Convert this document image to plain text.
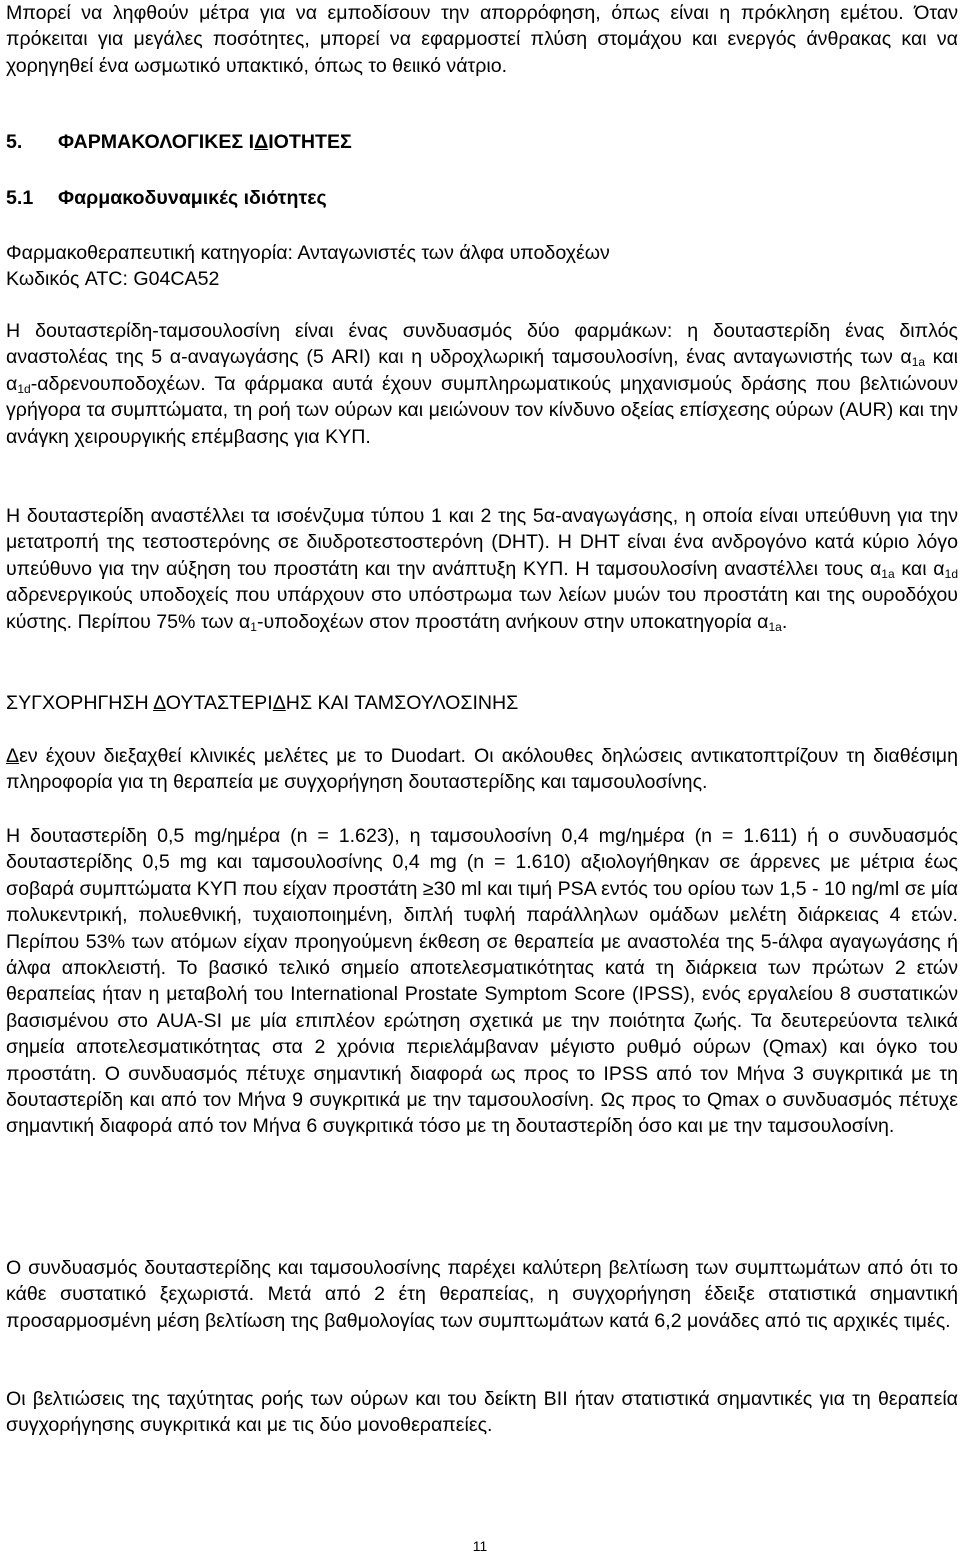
Μπορεί να ληφθούν μέτρα για να εμποδίσουν την απορρόφηση, όπως είναι η πρόκληση εμέτου. Όταν πρόκειται για μεγάλες ποσότητες, μπορεί να εφαρμοστεί πλύση στομάχου και ενεργός άνθρακας και να χορηγηθεί ένα ωσμωτικό υπακτικό, όπως το θειικό νάτριο.

5. ΦΑΡΜΑΚΟΛΟΓΙΚΕΣ ΙΔΙΟΤΗΤΕΣ
5.1 Φαρμακοδυναμικές ιδιότητες

Φαρμακοθεραπευτική κατηγορία: Ανταγωνιστές των άλφα υποδοχέων

Κωδικός ATC: G04CA52

Η δουταστερίδη-ταμσουλοσίνη είναι ένας συνδυασμός δύο φαρμάκων: η δουταστερίδη ένας διπλός αναστολέας της 5 α-αναγωγάσης (5 ARI) και η υδροχλωρική ταμσουλοσίνη, ένας ανταγωνιστής των $\alpha_{1a}$ και $\alpha_{1d}$-αδρενουποδοχέων. Τα φάρμακα αυτά έχουν συμπληρωματικούς μηχανισμούς δράσης που βελτιώνουν γρήγορα τα συμπτώματα, τη ροή των ούρων και μειώνουν τον κίνδυνο οξείας επίσχεσης ούρων (AUR) και την ανάγκη χειρουργικής επέμβασης για ΚΥΠ.

Η δουταστερίδη αναστέλλει τα ισοένζυμα τύπου 1 και 2 της 5α-αναγωγάσης, η οποία είναι υπεύθυνη για την μετατροπή της τεστοστερόνης σε διυδροτεστοστερόνη (DHT). Η DHT είναι ένα ανδρογόνο κατά κύριο λόγο υπεύθυνο για την αύξηση του προστάτη και την ανάπτυξη ΚΥΠ. Η ταμσουλοσίνη αναστέλλει τους $\alpha_{1a}$ και $\alpha_{1d}$ αδρενεργικούς υποδοχείς που υπάρχουν στο υπόστρωμα των λείων μυών του προστάτη και της ουροδόχου κύστης. Περίπου 75% των $\alpha_1$-υποδοχέων στον προστάτη ανήκουν στην υποκατηγορία $\alpha_{1a}$.

ΣΥΓΧΟΡΗΓΗΣΗ ΔΟΥΤΑΣΤΕΡΙΔΗΣ ΚΑΙ ΤΑΜΣΟΥΛΟΣΙΝΗΣ

Δεν έχουν διεξαχθεί κλινικές μελέτες με το Duodart. Οι ακόλουθες δηλώσεις αντικατοπτρίζουν τη διαθέσιμη πληροφορία για τη θεραπεία με συγχορήγηση δουταστερίδης και ταμσουλοσίνης.

Η δουταστερίδη 0,5 mg/ημέρα (n = 1.623), η ταμσουλοσίνη 0,4 mg/ημέρα (n = 1.611) ή ο συνδυασμός δουταστερίδης 0,5 mg και ταμσουλοσίνης 0,4 mg (n = 1.610) αξιολογήθηκαν σε άρρενες με μέτρια έως σοβαρά συμπτώματα ΚΥΠ που είχαν προστάτη ≥30 ml και τιμή PSA εντός του ορίου των 1,5 - 10 ng/ml σε μία πολυκεντρική, πολυεθνική, τυχαιοποιημένη, διπλή τυφλή παράλληλων ομάδων μελέτη διάρκειας 4 ετών. Περίπου 53% των ατόμων είχαν προηγούμενη έκθεση σε θεραπεία με αναστολέα της 5-άλφα αγαγωγάσης ή άλφα αποκλειστή. Το βασικό τελικό σημείο αποτελεσματικότητας κατά τη διάρκεια των πρώτων 2 ετών θεραπείας ήταν η μεταβολή του International Prostate Symptom Score (IPSS), ενός εργαλείου 8 συστατικών βασισμένου στο AUA-SI με μία επιπλέον ερώτηση σχετικά με την ποιότητα ζωής. Τα δευτερεύοντα τελικά σημεία αποτελεσματικότητας στα 2 χρόνια περιελάμβαναν μέγιστο ρυθμό ούρων (Qmax) και όγκο του προστάτη. Ο συνδυασμός πέτυχε σημαντική διαφορά ως προς το IPSS από τον Μήνα 3 συγκριτικά με τη δουταστερίδη και από τον Μήνα 9 συγκριτικά με την ταμσουλοσίνη. Ως προς το Qmax ο συνδυασμός πέτυχε σημαντική διαφορά από τον Μήνα 6 συγκριτικά τόσο με τη δουταστερίδη όσο και με την ταμσουλοσίνη.

Ο συνδυασμός δουταστερίδης και ταμσουλοσίνης παρέχει καλύτερη βελτίωση των συμπτωμάτων από ότι το κάθε συστατικό ξεχωριστά. Μετά από 2 έτη θεραπείας, η συγχορήγηση έδειξε στατιστικά σημαντική προσαρμοσμένη μέση βελτίωση της βαθμολογίας των συμπτωμάτων κατά 6,2 μονάδες από τις αρχικές τιμές.

Οι βελτιώσεις της ταχύτητας ροής των ούρων και του δείκτη BII ήταν στατιστικά σημαντικές για τη θεραπεία συγχορήγησης συγκριτικά και με τις δύο μονοθεραπείες.

11
